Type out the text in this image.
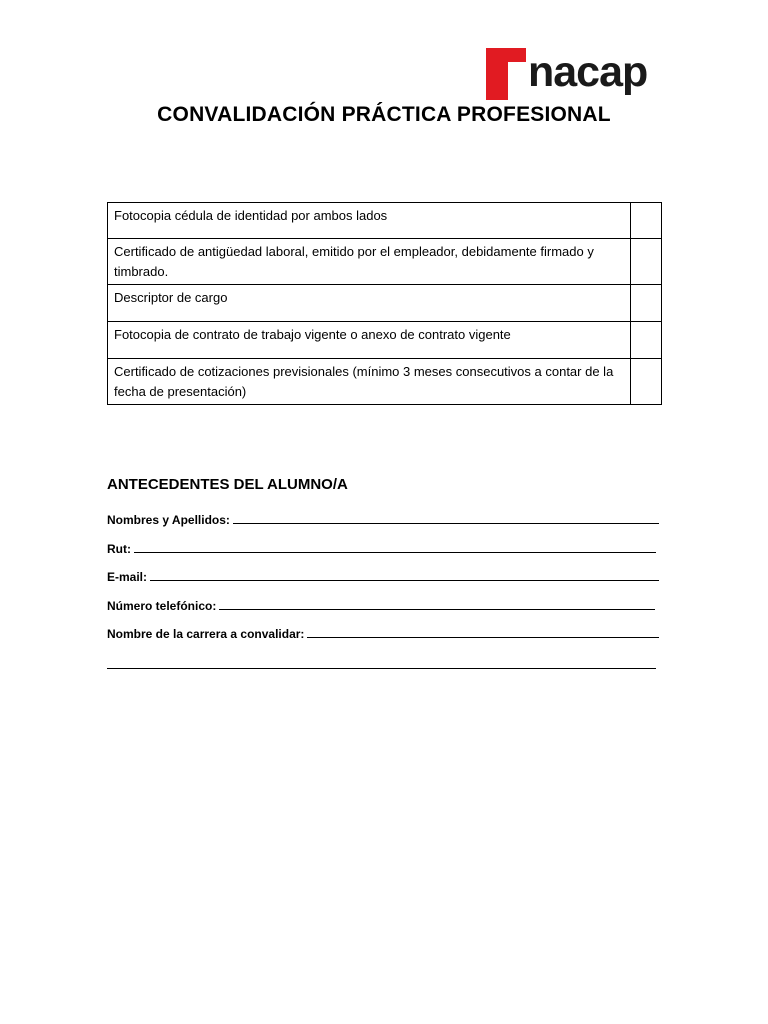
nacap
CONVALIDACIÓN PRÁCTICA PROFESIONAL
Fotocopia cédula de identidad por ambos lados	
Certificado de antigüedad laboral, emitido por el empleador, debidamente firmado y timbrado.	
Descriptor de cargo	
Fotocopia de contrato de trabajo vigente o anexo de contrato vigente	
Certificado de cotizaciones previsionales (mínimo 3 meses consecutivos a contar de la fecha de presentación)	
ANTECEDENTES DEL ALUMNO/A
Nombres y Apellidos:
Rut:
E-mail:
Número telefónico:
Nombre de la carrera a convalidar:
